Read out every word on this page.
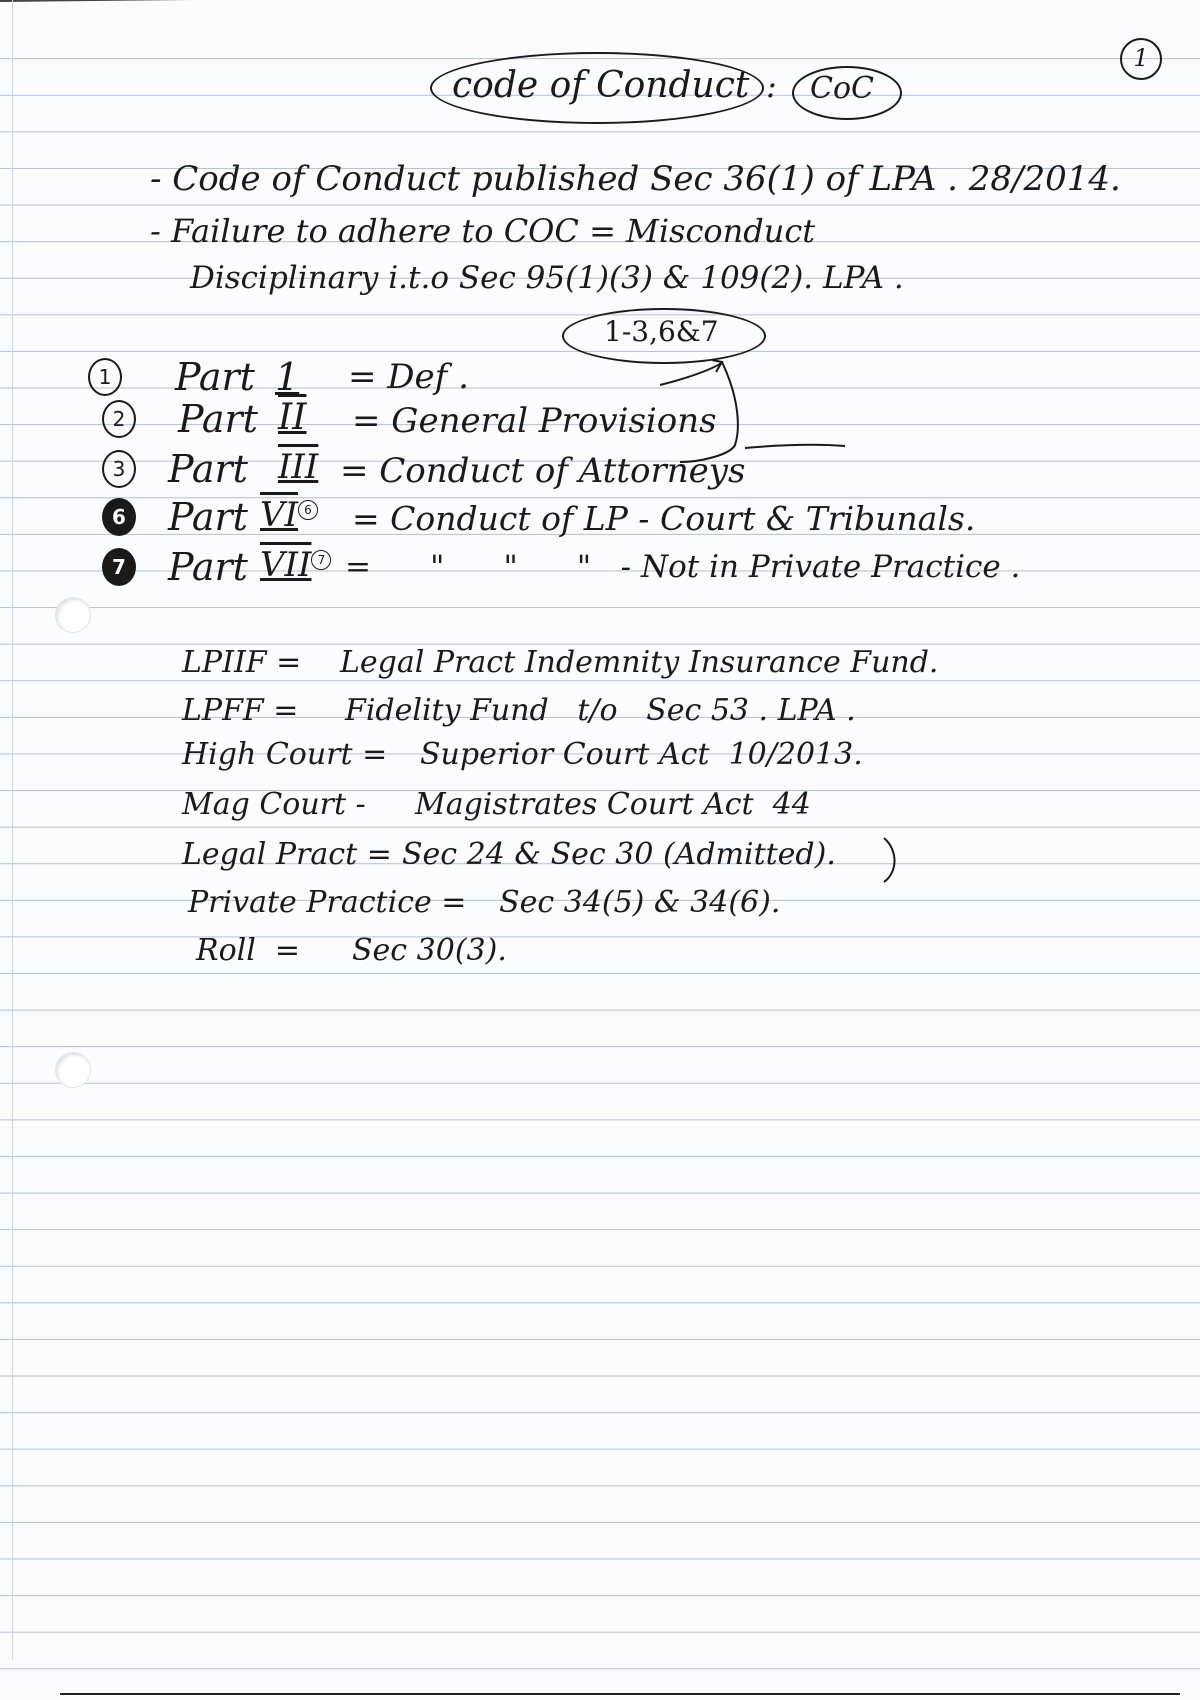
1
code of Conduct : CoC
- Code of Conduct published Sec 36(1) of LPA . 28/2014.
- Failure to adhere to COC = Misconduct
Disciplinary i.t.o Sec 95(1)(3) & 109(2). LPA .
1-3,6&7
1 Part 1 = Def .
2 Part II = General Provisions
3 Part III = Conduct of Attorneys
6 Part VI 6 = Conduct of LP - Court & Tribunals.
7 Part VII 7 =      "      "      "   - Not in Private Practice .
LPIIF = Legal Pract Indemnity Insurance Fund.
LPFF = Fidelity Fund   t/o   Sec 53 . LPA .
High Court = Superior Court Act  10/2013.
Mag Court - Magistrates Court Act  44
Legal Pract = Sec 24 & Sec 30 (Admitted).
Private Practice = Sec 34(5) & 34(6).
Roll  = Sec 30(3).
